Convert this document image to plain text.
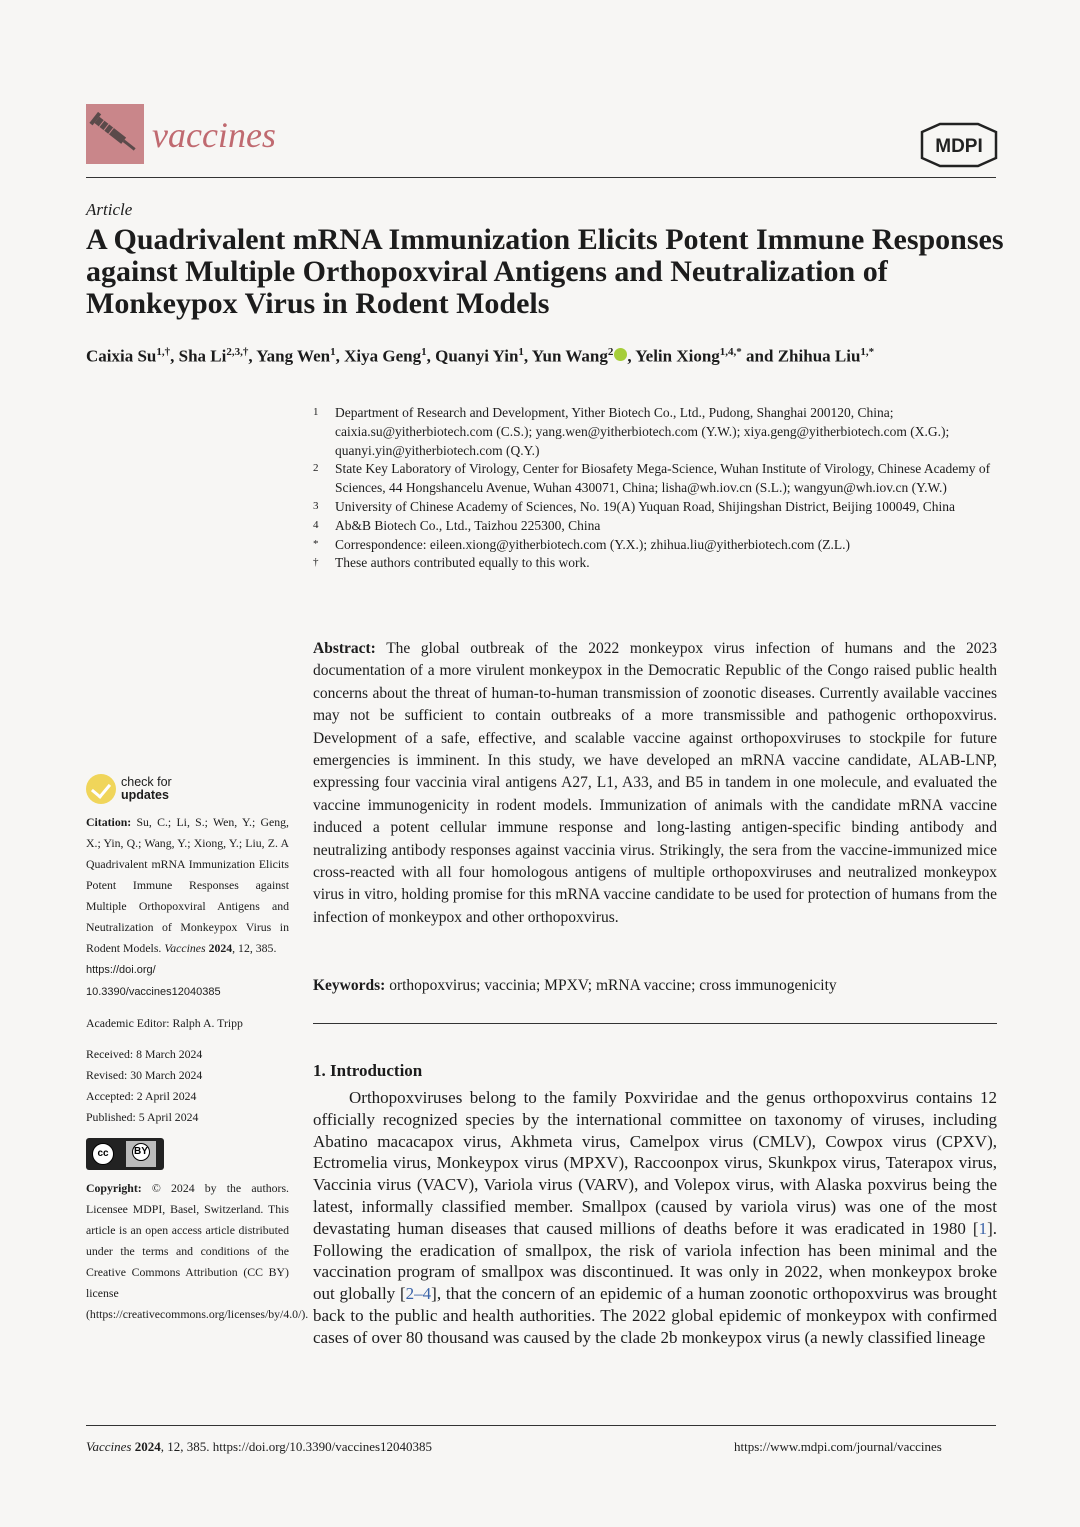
vaccines	MDPI
Article
A Quadrivalent mRNA Immunization Elicits Potent Immune Responses against Multiple Orthopoxviral Antigens and Neutralization of Monkeypox Virus in Rodent Models
Caixia $Su^{1,\dagger}$, Sha $Li^{2,3,\dagger}$, Yang Wen$^1$, Xiya Geng$^1$, Quanyi Yin$^1$, Yun Wang$^2$ , Yelin Xiong$^{1,4,*}$ and Zhihua Liu$^{1,*}$
1 Department of Research and Development, Yither Biotech Co., Ltd., Pudong, Shanghai 200120, China; caixia.su@yitherbiotech.com (C.S.); yang.wen@yitherbiotech.com (Y.W.); xiya.geng@yitherbiotech.com (X.G.); quanyi.yin@yitherbiotech.com (Q.Y.)
2 State Key Laboratory of Virology, Center for Biosafety Mega-Science, Wuhan Institute of Virology, Chinese Academy of Sciences, 44 Hongshancelu Avenue, Wuhan 430071, China; lisha@wh.iov.cn (S.L.); wangyun@wh.iov.cn (Y.W.)
3 University of Chinese Academy of Sciences, No. 19(A) Yuquan Road, Shijingshan District, Beijing 100049, China
4 Ab&B Biotech Co., Ltd., Taizhou 225300, China
* Correspondence: eileen.xiong@yitherbiotech.com (Y.X.); zhihua.liu@yitherbiotech.com (Z.L.)
† These authors contributed equally to this work.
Abstract: The global outbreak of the 2022 monkeypox virus infection of humans and the 2023 documentation of a more virulent monkeypox in the Democratic Republic of the Congo raised public health concerns about the threat of human-to-human transmission of zoonotic diseases. Currently available vaccines may not be sufficient to contain outbreaks of a more transmissible and pathogenic orthopoxvirus. Development of a safe, effective, and scalable vaccine against orthopoxviruses to stockpile for future emergencies is imminent. In this study, we have developed an mRNA vaccine candidate, ALAB-LNP, expressing four vaccinia viral antigens A27, L1, A33, and B5 in tandem in one molecule, and evaluated the vaccine immunogenicity in rodent models. Immunization of animals with the candidate mRNA vaccine induced a potent cellular immune response and long-lasting antigen-specific binding antibody and neutralizing antibody responses against vaccinia virus. Strikingly, the sera from the vaccine-immunized mice cross-reacted with all four homologous antigens of multiple orthopoxviruses and neutralized monkeypox virus in vitro, holding promise for this mRNA vaccine candidate to be used for protection of humans from the infection of monkeypox and other orthopoxvirus.
Keywords: orthopoxvirus; vaccinia; MPXV; mRNA vaccine; cross immunogenicity
1. Introduction
Orthopoxviruses belong to the family Poxviridae and the genus orthopoxvirus contains 12 officially recognized species by the international committee on taxonomy of viruses, including Abatino macacapox virus, Akhmeta virus, Camelpox virus (CMLV), Cowpox virus (CPXV), Ectromelia virus, Monkeypox virus (MPXV), Raccoonpox virus, Skunkpox virus, Taterapox virus, Vaccinia virus (VACV), Variola virus (VARV), and Volepox virus, with Alaska poxvirus being the latest, informally classified member. Smallpox (caused by variola virus) was one of the most devastating human diseases that caused millions of deaths before it was eradicated in 1980 [1]. Following the eradication of smallpox, the risk of variola infection has been minimal and the vaccination program of smallpox was discontinued. It was only in 2022, when monkeypox broke out globally [2–4], that the concern of an epidemic of a human zoonotic orthopoxvirus was brought back to the public and health authorities. The 2022 global epidemic of monkeypox with confirmed cases of over 80 thousand was caused by the clade 2b monkeypox virus (a newly classified lineage
check for
updates
Citation: Su, C.; Li, S.; Wen, Y.; Geng, X.; Yin, Q.; Wang, Y.; Xiong, Y.; Liu, Z. A Quadrivalent mRNA Immunization Elicits Potent Immune Responses against Multiple Orthopoxviral Antigens and Neutralization of Monkeypox Virus in Rodent Models. Vaccines 2024, 12, 385.
https://doi.org/
10.3390/vaccines12040385
Academic Editor: Ralph A. Tripp
Received: 8 March 2024
Revised: 30 March 2024
Accepted: 2 April 2024
Published: 5 April 2024
cc	BY
Copyright: © 2024 by the authors. Licensee MDPI, Basel, Switzerland. This article is an open access article distributed under the terms and conditions of the Creative Commons Attribution (CC BY) license (https://creativecommons.org/licenses/by/4.0/).
Vaccines 2024, 12, 385. https://doi.org/10.3390/vaccines12040385	https://www.mdpi.com/journal/vaccines
